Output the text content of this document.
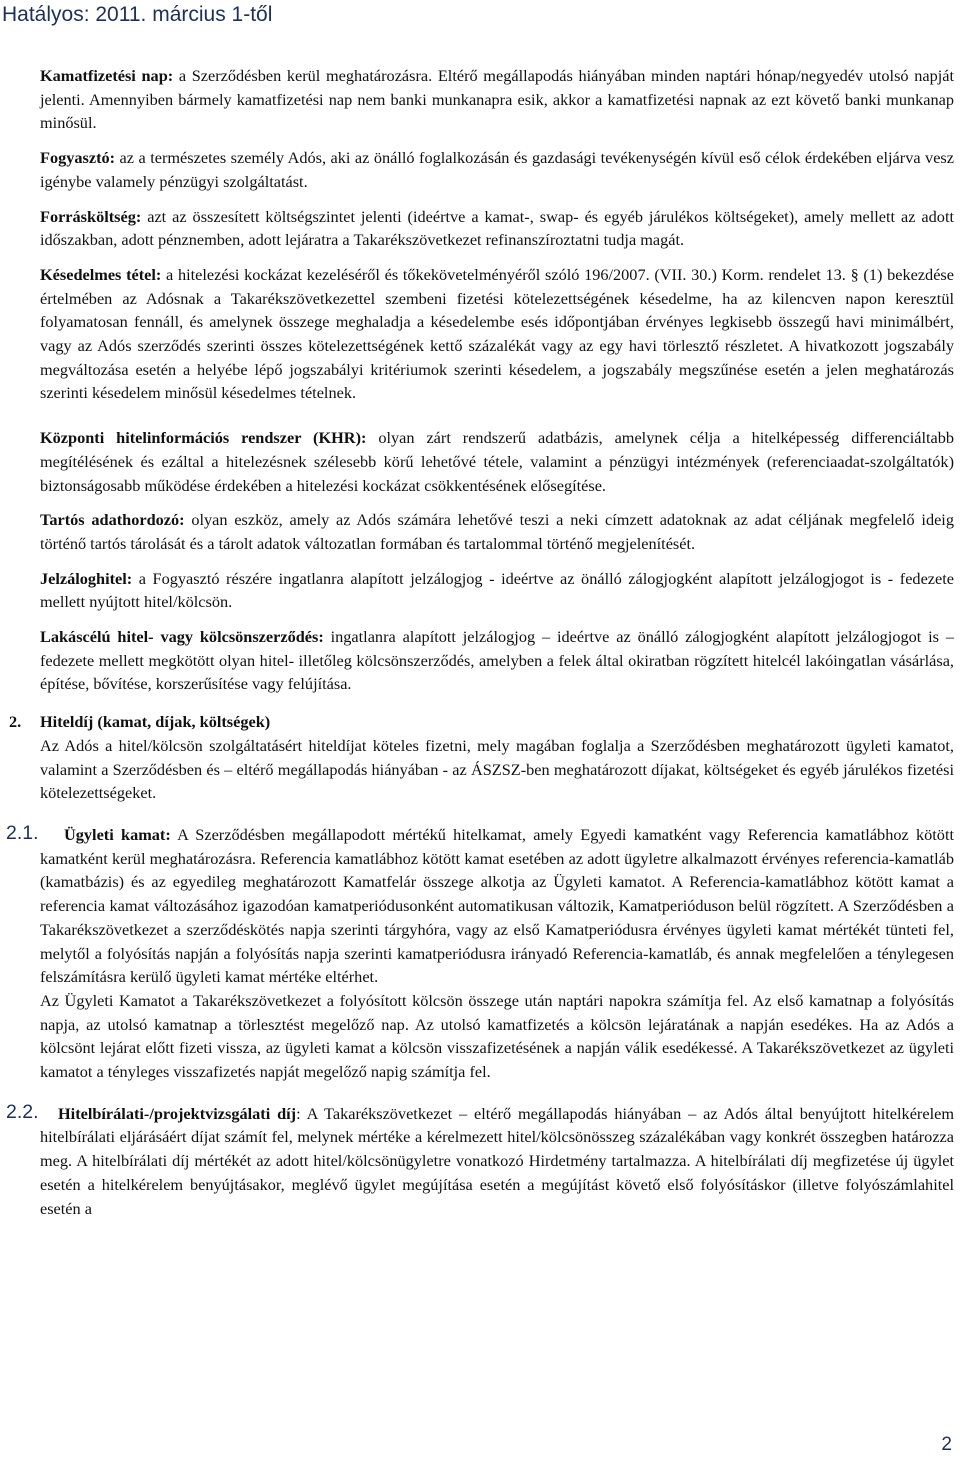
Hatályos: 2011. március 1-től

Kamatfizetési nap: a Szerződésben kerül meghatározásra. Eltérő megállapodás hiányában minden naptári hónap/negyedév utolsó napját jelenti. Amennyiben bármely kamatfizetési nap nem banki munkanapra esik, akkor a kamatfizetési napnak az ezt követő banki munkanap minősül.

Fogyasztó: az a természetes személy Adós, aki az önálló foglalkozásán és gazdasági tevékenységén kívül eső célok érdekében eljárva vesz igénybe valamely pénzügyi szolgáltatást.

Forrásköltség: azt az összesített költségszintet jelenti (ideértve a kamat-, swap- és egyéb járulékos költségeket), amely mellett az adott időszakban, adott pénznemben, adott lejáratra a Takarékszövetkezet refinanszíroztatni tudja magát.

Késedelmes tétel: a hitelezési kockázat kezeléséről és tőkekövetelményéről szóló 196/2007. (VII. 30.) Korm. rendelet 13. § (1) bekezdése értelmében az Adósnak a Takarékszövetkezettel szembeni fizetési kötelezettségének késedelme, ha az kilencven napon keresztül folyamatosan fennáll, és amelynek összege meghaladja a késedelembe esés időpontjában érvényes legkisebb összegű havi minimálbért, vagy az Adós szerződés szerinti összes kötelezettségének kettő százalékát vagy az egy havi törlesztő részletet. A hivatkozott jogszabály megváltozása esetén a helyébe lépő jogszabályi kritériumok szerinti késedelem, a jogszabály megszűnése esetén a jelen meghatározás szerinti késedelem minősül késedelmes tételnek.

Központi hitelinformációs rendszer (KHR): olyan zárt rendszerű adatbázis, amelynek célja a hitelképesség differenciáltabb megítélésének és ezáltal a hitelezésnek szélesebb körű lehetővé tétele, valamint a pénzügyi intézmények (referenciaadat-szolgáltatók) biztonságosabb működése érdekében a hitelezési kockázat csökkentésének elősegítése.

Tartós adathordozó: olyan eszköz, amely az Adós számára lehetővé teszi a neki címzett adatoknak az adat céljának megfelelő ideig történő tartós tárolását és a tárolt adatok változatlan formában és tartalommal történő megjelenítését.

Jelzáloghitel: a Fogyasztó részére ingatlanra alapított jelzálogjog - ideértve az önálló zálogjogként alapított jelzálogjogot is - fedezete mellett nyújtott hitel/kölcsön.

Lakáscélú hitel- vagy kölcsönszerződés: ingatlanra alapított jelzálogjog – ideértve az önálló zálogjogként alapított jelzálogjogot is – fedezete mellett megkötött olyan hitel- illetőleg kölcsönszerződés, amelyben a felek által okiratban rögzített hitelcél lakóingatlan vásárlása, építése, bővítése, korszerűsítése vagy felújítása.

2. Hiteldíj (kamat, díjak, költségek)
Az Adós a hitel/kölcsön szolgáltatásért hiteldíjat köteles fizetni, mely magában foglalja a Szerződésben meghatározott ügyleti kamatot, valamint a Szerződésben és – eltérő megállapodás hiányában - az ÁSZSZ-ben meghatározott díjakat, költségeket és egyéb járulékos fizetési kötelezettségeket.
2.1. Ügyleti kamat: A Szerződésben megállapodott mértékű hitelkamat, amely Egyedi kamatként vagy Referencia kamatlábhoz kötött kamatként kerül meghatározásra. Referencia kamatlábhoz kötött kamat esetében az adott ügyletre alkalmazott érvényes referencia-kamatláb (kamatbázis) és az egyedileg meghatározott Kamatfelár összege alkotja az Ügyleti kamatot. A Referencia-kamatlábhoz kötött kamat a referencia kamat változásához igazodóan kamatperiódusonként automatikusan változik, Kamatperióduson belül rögzített. A Szerződésben a Takarékszövetkezet a szerződéskötés napja szerinti tárgyhóra, vagy az első Kamatperiódusra érvényes ügyleti kamat mértékét tünteti fel, melytől a folyósítás napján a folyósítás napja szerinti kamatperiódusra irányadó Referencia-kamatláb, és annak megfelelően a ténylegesen felszámításra kerülő ügyleti kamat mértéke eltérhet.
Az Ügyleti Kamatot a Takarékszövetkezet a folyósított kölcsön összege után naptári napokra számítja fel. Az első kamatnap a folyósítás napja, az utolsó kamatnap a törlesztést megelőző nap. Az utolsó kamatfizetés a kölcsön lejáratának a napján esedékes. Ha az Adós a kölcsönt lejárat előtt fizeti vissza, az ügyleti kamat a kölcsön visszafizetésének a napján válik esedékessé. A Takarékszövetkezet az ügyleti kamatot a tényleges visszafizetés napját megelőző napig számítja fel.
2.2. Hitelbírálati-/projektvizsgálati díj: A Takarékszövetkezet – eltérő megállapodás hiányában – az Adós által benyújtott hitelkérelem hitelbírálati eljárásáért díjat számít fel, melynek mértéke a kérelmezett hitel/kölcsönösszeg százalékában vagy konkrét összegben határozza meg. A hitelbírálati díj mértékét az adott hitel/kölcsönügyletre vonatkozó Hirdetmény tartalmazza. A hitelbírálati díj megfizetése új ügylet esetén a hitelkérelem benyújtásakor, meglévő ügylet megújítása esetén a megújítást követő első folyósításkor (illetve folyószámlahitel esetén a
2
